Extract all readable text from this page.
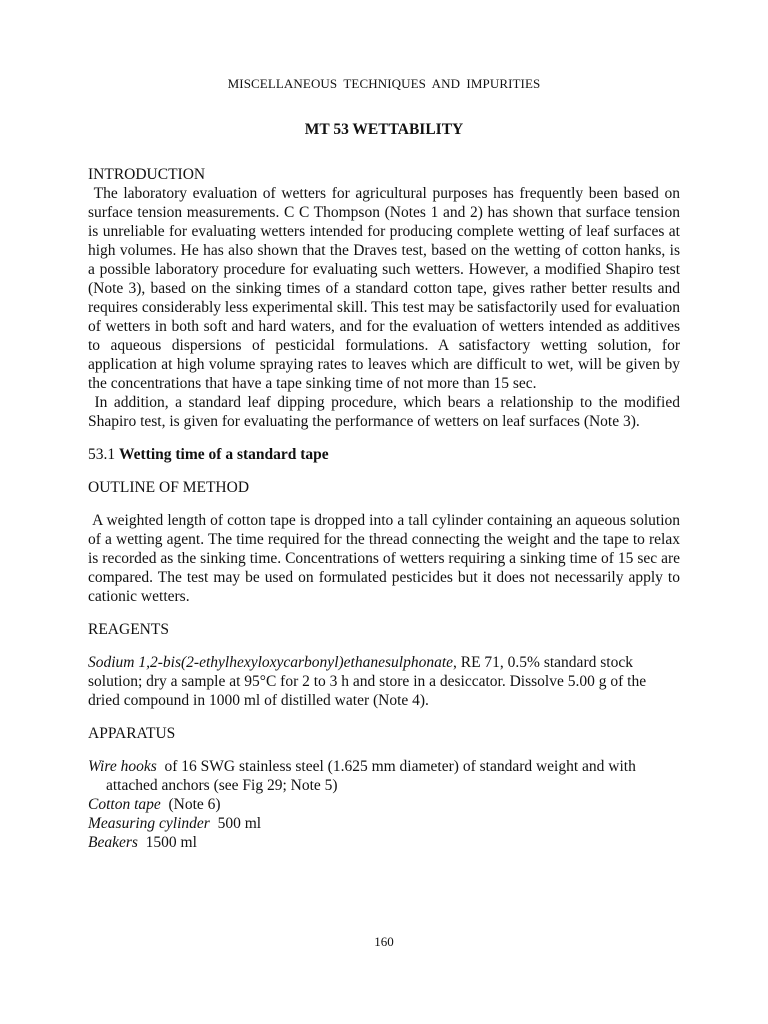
MISCELLANEOUS TECHNIQUES AND IMPURITIES
MT 53 WETTABILITY

INTRODUCTION

The laboratory evaluation of wetters for agricultural purposes has frequently been based on surface tension measurements. C C Thompson (Notes 1 and 2) has shown that surface tension is unreliable for evaluating wetters intended for producing complete wetting of leaf surfaces at high volumes. He has also shown that the Draves test, based on the wetting of cotton hanks, is a possible laboratory procedure for evaluating such wetters. However, a modified Shapiro test (Note 3), based on the sinking times of a standard cotton tape, gives rather better results and requires considerably less experimental skill. This test may be satisfactorily used for evaluation of wetters in both soft and hard waters, and for the evaluation of wetters intended as additives to aqueous dispersions of pesticidal formulations. A satisfactory wetting solution, for application at high volume spraying rates to leaves which are difficult to wet, will be given by the concentrations that have a tape sinking time of not more than 15 sec.

In addition, a standard leaf dipping procedure, which bears a relationship to the modified Shapiro test, is given for evaluating the performance of wetters on leaf surfaces (Note 3).

53.1 Wetting time of a standard tape

OUTLINE OF METHOD

A weighted length of cotton tape is dropped into a tall cylinder containing an aqueous solution of a wetting agent. The time required for the thread connecting the weight and the tape to relax is recorded as the sinking time. Concentrations of wetters requiring a sinking time of 15 sec are compared. The test may be used on formulated pesticides but it does not necessarily apply to cationic wetters.

REAGENTS

Sodium 1,2-bis(2-ethylhexyloxycarbonyl)ethanesulphonate, RE 71, 0.5% standard stock solution; dry a sample at 95°C for 2 to 3 h and store in a desiccator. Dissolve 5.00 g of the dried compound in 1000 ml of distilled water (Note 4).

APPARATUS

Wire hooks  of 16 SWG stainless steel (1.625 mm diameter) of standard weight and with attached anchors (see Fig 29; Note 5)

Cotton tape  (Note 6)

Measuring cylinder  500 ml

Beakers  1500 ml

160
